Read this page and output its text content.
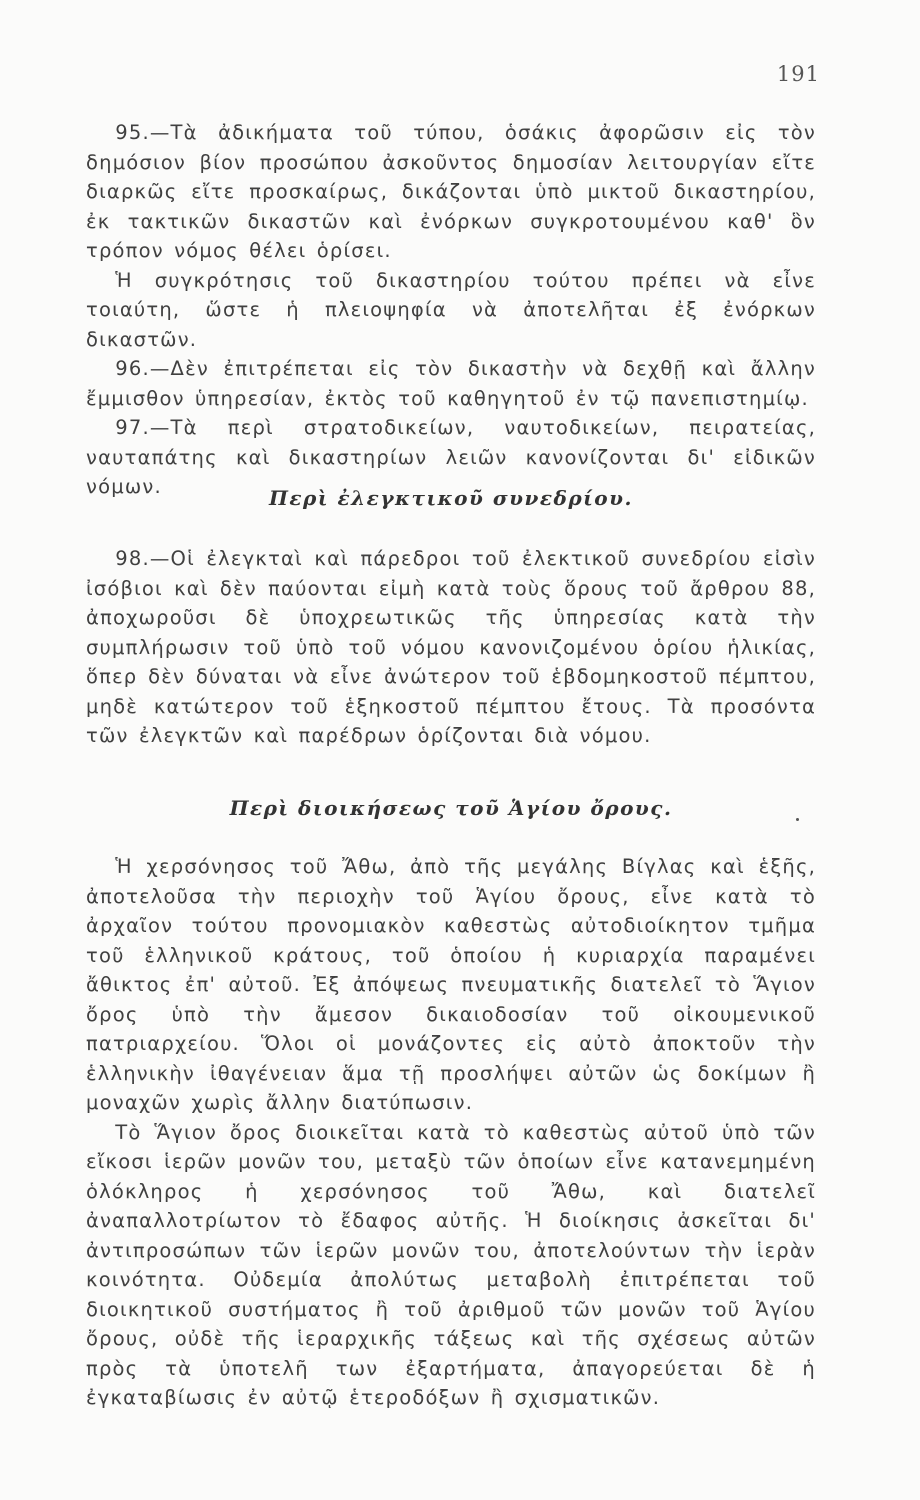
191

95.—Τὰ ἀδικήματα τοῦ τύπου, ὁσάκις ἀφορῶσιν εἰς τὸν δημόσιον βίον προσώπου ἀσκοῦντος δημοσίαν λειτουργίαν εἴτε διαρκῶς εἴτε προσκαίρως, δικάζονται ὑπὸ μικτοῦ δικαστηρίου, ἐκ τακτικῶν δικαστῶν καὶ ἐνόρκων συγκροτουμένου καθ' ὃν τρόπον νόμος θέλει ὁρίσει.

Ἡ συγκρότησις τοῦ δικαστηρίου τούτου πρέπει νὰ εἶνε τοιαύτη, ὥστε ἡ πλειοψηφία νὰ ἀποτελῆται ἐξ ἐνόρκων δικαστῶν.

96.—Δὲν ἐπιτρέπεται εἰς τὸν δικαστὴν νὰ δεχθῇ καὶ ἄλλην ἔμμισθον ὑπηρεσίαν, ἐκτὸς τοῦ καθηγητοῦ ἐν τῷ πανεπιστημίῳ.

97.—Τὰ περὶ στρατοδικείων, ναυτοδικείων, πειρατείας, ναυταπάτης καὶ δικαστηρίων λειῶν κανονίζονται δι' εἰδικῶν νόμων.	Περὶ ἐλεγκτικοῦ συνεδρίου.

98.—Οἱ ἐλεγκταὶ καὶ πάρεδροι τοῦ ἐλεκτικοῦ συνεδρίου εἰσὶν ἰσόβιοι καὶ δὲν παύονται εἰμὴ κατὰ τοὺς ὅρους τοῦ ἄρθρου 88, ἀποχωροῦσι δὲ ὑποχρεωτικῶς τῆς ὑπηρεσίας κατὰ τὴν συμπλήρωσιν τοῦ ὑπὸ τοῦ νόμου κανονιζομένου ὁρίου ἡλικίας, ὅπερ δὲν δύναται νὰ εἶνε ἀνώτερον τοῦ ἑβδομηκοστοῦ πέμπτου, μηδὲ κατώτερον τοῦ ἑξηκοστοῦ πέμπτου ἔτους. Τὰ προσόντα τῶν ἐλεγκτῶν καὶ παρέδρων ὁρίζονται διὰ νόμου.

Περὶ διοικήσεως τοῦ Ἁγίου ὄρους.

Ἡ χερσόνησος τοῦ Ἄθω, ἀπὸ τῆς μεγάλης Βίγλας καὶ ἑξῆς, ἀποτελοῦσα τὴν περιοχὴν τοῦ Ἁγίου ὄρους, εἶνε κατὰ τὸ ἀρχαῖον τούτου προνομιακὸν καθεστὼς αὐτοδιοίκητον τμῆμα τοῦ ἑλληνικοῦ κράτους, τοῦ ὁποίου ἡ κυριαρχία παραμένει ἄθικτος ἐπ' αὐτοῦ. Ἐξ ἀπόψεως πνευματικῆς διατελεῖ τὸ Ἅγιον ὄρος ὑπὸ τὴν ἄμεσον δικαιοδοσίαν τοῦ οἰκουμενικοῦ πατριαρχείου. Ὅλοι οἱ μονάζοντες εἰς αὐτὸ ἀποκτοῦν τὴν ἑλληνικὴν ἰθαγένειαν ἅμα τῇ προσλήψει αὐτῶν ὡς δοκίμων ἢ μοναχῶν χωρὶς ἄλλην διατύπωσιν.

Τὸ Ἅγιον ὄρος διοικεῖται κατὰ τὸ καθεστὼς αὐτοῦ ὑπὸ τῶν εἴκοσι ἱερῶν μονῶν του, μεταξὺ τῶν ὁποίων εἶνε κατανεμημένη ὁλόκληρος ἡ χερσόνησος τοῦ Ἄθω, καὶ διατελεῖ ἀναπαλλοτρίωτον τὸ ἔδαφος αὐτῆς. Ἡ διοίκησις ἀσκεῖται δι' ἀντιπροσώπων τῶν ἱερῶν μονῶν του, ἀποτελούντων τὴν ἱερὰν κοινότητα. Οὐδεμία ἀπολύτως μεταβολὴ ἐπιτρέπεται τοῦ διοικητικοῦ συστήματος ἢ τοῦ ἀριθμοῦ τῶν μονῶν τοῦ Ἁγίου ὄρους, οὐδὲ τῆς ἱεραρχικῆς τάξεως καὶ τῆς σχέσεως αὐτῶν πρὸς τὰ ὑποτελῆ των ἐξαρτήματα, ἀπαγορεύεται δὲ ἡ ἐγκαταβίωσις ἐν αὐτῷ ἑτεροδόξων ἢ σχισματικῶν.
